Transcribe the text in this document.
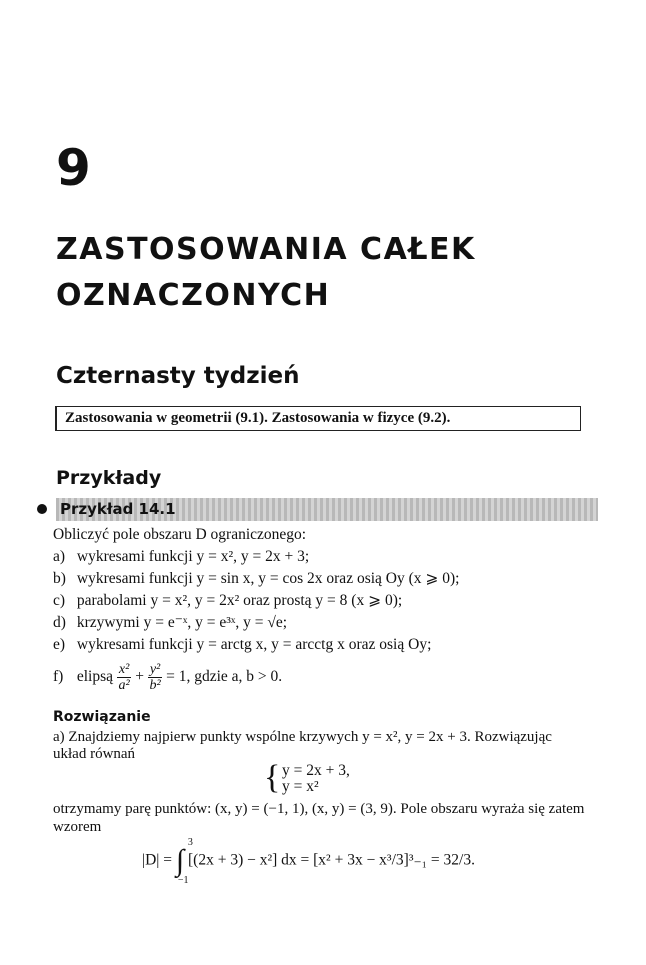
9
ZASTOSOWANIA CAŁEK
OZNACZONYCH
Czternasty tydzień
Zastosowania w geometrii (9.1). Zastosowania w fizyce (9.2).
Przykłady
Przykład 14.1
Obliczyć pole obszaru D ograniczonego:
a) wykresami funkcji y = x², y = 2x + 3;
b) wykresami funkcji y = sin x, y = cos 2x oraz osią Oy (x ⩾ 0);
c) parabolami y = x², y = 2x² oraz prostą y = 8 (x ⩾ 0);
d) krzywymi y = e⁻ˣ, y = e³ˣ, y = √e;
e) wykresami funkcji y = arctg x, y = arcctg x oraz osią Oy;
f) elipsą $\frac{\text{x²}}{\text{a²}} + \frac{\text{y²}}{\text{b²}} = 1$, gdzie a, b > 0.
Rozwiązanie
a) Znajdziemy najpierw punkty wspólne krzywych y = x², y = 2x + 3. Rozwiązując
układ równań
{ y = 2x + 3,
y = x²
otrzymamy parę punktów: (x, y) = (−1, 1), (x, y) = (3, 9). Pole obszaru wyraża się zatem
wzorem
|D| = ∫
3
−1
[(2x + 3) − x²] dx = [x² + 3x − x³/3]³₋₁ = 32/3.
